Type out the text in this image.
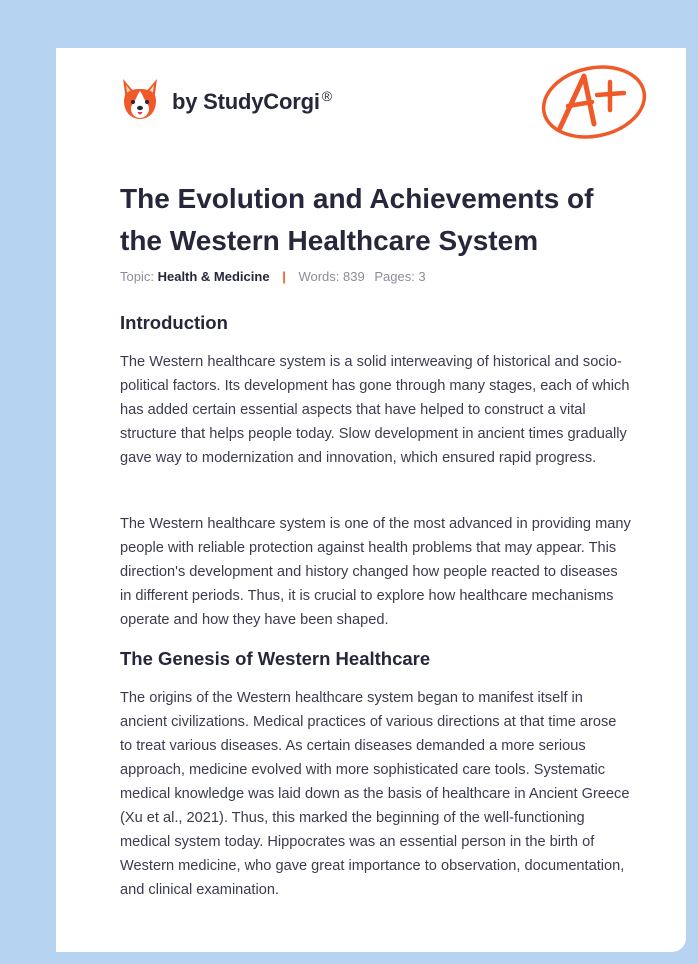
by StudyCorgi ®
The Evolution and Achievements of the Western Healthcare System
Topic: Health & Medicine | Words: 839 Pages: 3
Introduction

The Western healthcare system is a solid interweaving of historical and socio-political factors. Its development has gone through many stages, each of which has added certain essential aspects that have helped to construct a vital structure that helps people today. Slow development in ancient times gradually gave way to modernization and innovation, which ensured rapid progress.

The Western healthcare system is one of the most advanced in providing many people with reliable protection against health problems that may appear. This direction's development and history changed how people reacted to diseases in different periods. Thus, it is crucial to explore how healthcare mechanisms operate and how they have been shaped.

The Genesis of Western Healthcare

The origins of the Western healthcare system began to manifest itself in ancient civilizations. Medical practices of various directions at that time arose to treat various diseases. As certain diseases demanded a more serious approach, medicine evolved with more sophisticated care tools. Systematic medical knowledge was laid down as the basis of healthcare in Ancient Greece (Xu et al., 2021). Thus, this marked the beginning of the well-functioning medical system today. Hippocrates was an essential person in the birth of Western medicine, who gave great importance to observation, documentation, and clinical examination.
